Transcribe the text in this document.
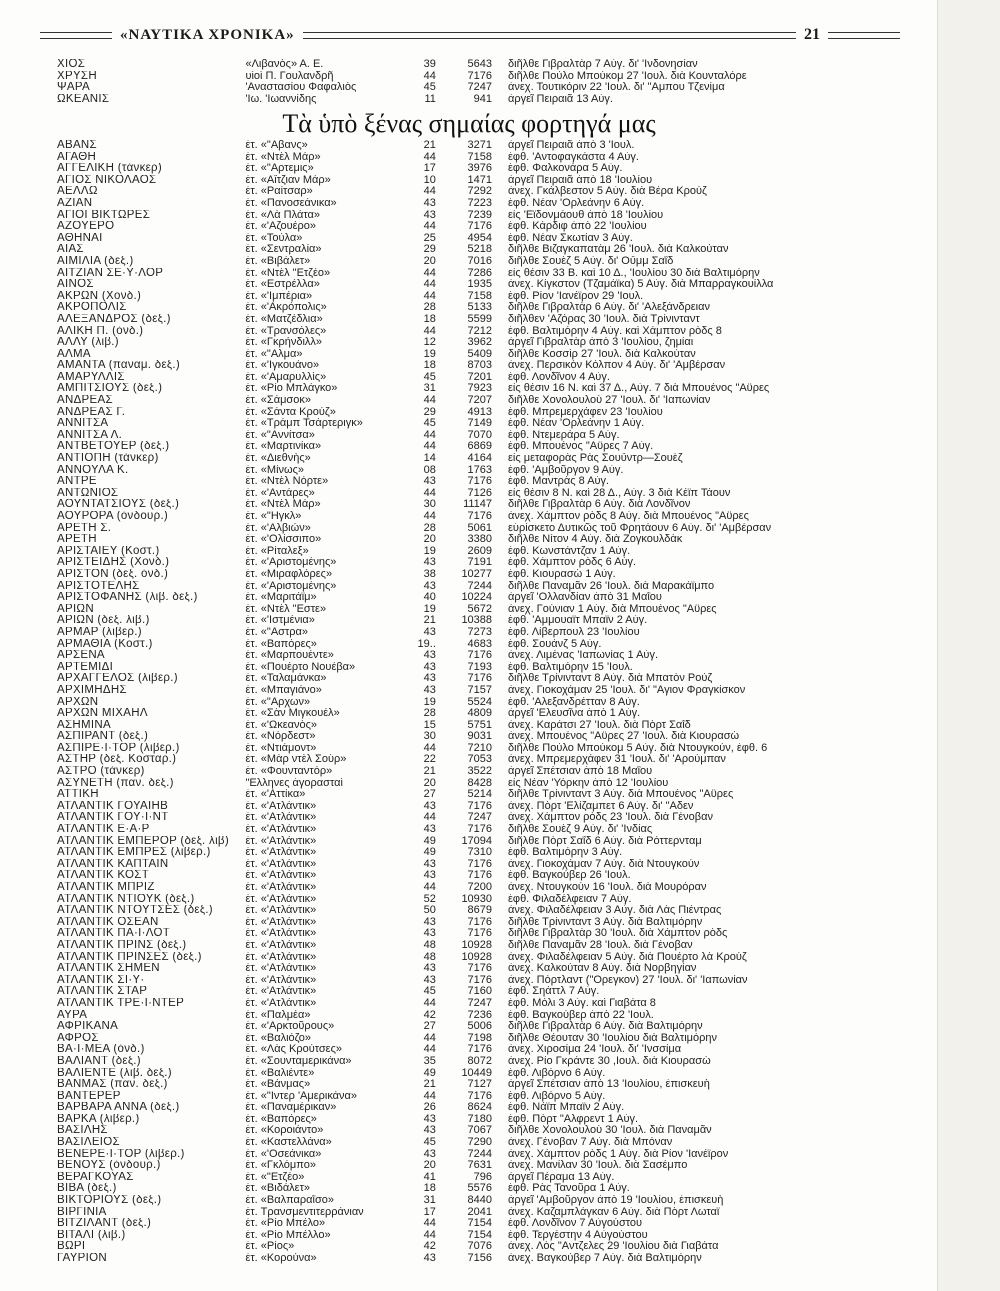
«ΝΑΥΤΙΚΑ ΧΡΟΝΙΚΑ»	21
ΧΙΟΣ	«Λιβανὸς» Α. Ε.	39	5643	διῆλθε Γιβραλτὰρ 7 Αὐγ. δι' 'Ινδονησίαν
ΧΡΥΣΗ	υἱοὶ Π. Γουλανδρῆ	44	7176	διῆλθε Πούλο Μπούκομ 27 'Ιουλ. διὰ Κουνταλόρε
ΨΑΡΑ	'Αναστασίου Φαφαλιὸς	45	7247	ἀνεχ. Τουτικόριν 22 'Ιουλ. δι' "Αμπου Τζενίμα
ΩΚΕΑΝΙΣ	'Ιω. 'Ιωαννίδης	11	941	ἀργεῖ Πειραιᾶ 13 Αὐγ.
Τὰ ὑπὸ ξένας σημαίας φορτηγά μας
ΑΒΑΝΣ	ἑτ. «"Αβανς»	21	3271	ἀργεῖ Πειραιᾶ ἀπὸ 3 'Ιουλ.
ΑΓΑΘΗ	ἑτ. «Ντὲλ Μάρ»	44	7158	ἐφθ. 'Αντοφαγκάστα 4 Αὐγ.
ΑΓΓΕΛΙΚΗ (τάνκερ)	ἑτ. «"Αρτεμις»	17	3976	ἐφθ. Φαλκονάρα 5 Αὐγ.
ΑΓΙΟΣ ΝΙΚΟΛΑΟΣ	ἑτ. «Αἴτζιαν Μάρ»	10	1471	ἀργεῖ Πειραιᾶ ἀπὸ 18 'Ιουλίου
ΑΕΛΛΩ	ἑτ. «Ραίτσαρ»	44	7292	ἀνεχ. Γκάλβεστον 5 Αὐγ. διὰ Βέρα Κρούζ
ΑΖΙΑΝ	ἑτ. «Πανοσεάνικα»	43	7223	ἐφθ. Νέαν 'Ορλεάνην 6 Αὐγ.
ΑΓΙΟΙ ΒΙΚΤΩΡΕΣ	ἑτ. «Λὰ Πλάτα»	43	7239	εἰς 'Εϊδονμάουθ ἀπὸ 18 'Ιουλίου
ΑΖΟΥΕΡΟ	ἑτ. «'Αζουέρο»	44	7176	ἐφθ. Κάρδιφ ἀπὸ 22 'Ιουλίου
ΑΘΗΝΑΙ	ἑτ. «Τούλα»	25	4954	ἐφθ. Νέαν Σκωτίαν 3 Αὐγ.
ΑΙΑΣ	ἑτ. «Σεντραλία»	29	5218	διῆλθε Βιζαγκαπατὰμ 26 'Ιουλ. διὰ Καλκούταν
ΑΙΜΙΛΙΑ (δεξ.)	ἑτ. «Βιβάλετ»	20	7016	διῆλθε Σουὲζ 5 Αὐγ. δι' Οὔμμ Σαΐδ
ΑΙΤΖΙΑΝ ΣΕ·Υ·ΛΟΡ	ἑτ. «Ντὲλ "Ετζέο»	44	7286	εἰς θέσιν 33 Β. καὶ 10 Δ., 'Ιουλίου 30 διὰ Βαλτιμόρην
ΑΙΝΟΣ	ἑτ. «Εστρέλλα»	44	1935	ἀνεχ. Κίγκστον (Τζαμάϊκα) 5 Αὐγ. διὰ Μπαρραγκουίλλα
ΑΚΡΩΝ (Χονδ.)	ἑτ. «'Ιμπέρια»	44	7158	ἐφθ. Ρίον 'Ιανέϊρον 29 'Ιουλ.
ΑΚΡΟΠΟΛΙΣ	ἑτ. «'Ακρόπολις»	28	5133	διῆλθε Γιβραλτὰρ 6 Αὐγ. δι' 'Αλεξάνδρειαν
ΑΛΕΞΑΝΔΡΟΣ (δεξ.)	ἑτ. «Ματζέδλια»	18	5599	διῆλθεν 'Αζόρας 30 'Ιουλ. διὰ Τρίνινταντ
ΑΛΙΚΗ Π. (ὀνδ.)	ἑτ. «Τρανσόλες»	44	7212	ἐφθ. Βαλτιμόρην 4 Αὐγ. καὶ Χάμπτον ρὸδς 8
ΑΛΛΥ (λιβ.)	ἑτ. «Γκρήνδιλλ»	12	3962	ἀργεῖ Γιβραλτὰρ ἀπὸ 3 'Ιουλίου, ζημίαι
ΑΛΜΑ	ἑτ. «"Αλμα»	19	5409	διῆλθε Κοσσὶρ 27 'Ιουλ. διὰ Καλκούταν
ΑΜΑΝΤΑ (παναμ. δεξ.)	ἑτ. «'Ιγκουάνο»	18	8703	ἀνεχ. Περσικὸν Κόλπον 4 Αὐγ. δι' 'Αμβέρσαν
ΑΜΑΡΥΛΛΙΣ	ἑτ. «'Αμαρυλλὶς»	45	7201	ἐφθ. Λονδῖνον 4 Αὐγ.
ΑΜΠΙΤΣΙΟΥΣ (δεξ.)	ἑτ. «Ρίο Μπλάγκο»	31	7923	εἰς θέσιν 16 Ν. καὶ 37 Δ., Αὐγ. 7 διὰ Μπουένος "Αϋρες
ΑΝΔΡΕΑΣ	ἑτ. «Σάμσοκ»	44	7207	διῆλθε Χονολουλοὺ 27 'Ιουλ. δι' 'Ιαπωνίαν
ΑΝΔΡΕΑΣ Γ.	ἑτ. «Σάντα Κρούζ»	29	4913	ἐφθ. Μπρεμερχάφεν 23 'Ιουλίου
ΑΝΝΙΤΣΑ	ἑτ. «Τράμπ Τσάρτεριγκ»	45	7149	ἐφθ. Νέαν 'Ορλεάνην 1 Αὐγ.
ΑΝΝΙΤΣΑ Λ.	ἑτ. «"Αννίτσα»	44	7070	ἐφθ. Ντεμεράρα 5 Αὐγ.
ΑΝΤΒΕΤΟΥΕΡ (δεξ.)	ἑτ. «Μαρτινίκα»	44	6869	ἐφθ. Μπουένος "Αϋρες 7 Αὐγ.
ΑΝΤΙΟΠΗ (τάνκερ)	ἑτ. «Διεθνὴς»	14	4164	εἰς μεταφορὰς Ρὰς Σουὔντρ—Σουὲζ
ΑΝΝΟΥΛΑ Κ.	ἑτ. «Μίνως»	08	1763	ἐφθ. 'Αμβοῦργον 9 Αὐγ.
ΑΝΤΡΕ	ἑτ. «Ντὲλ Νόρτε»	43	7176	ἐφθ. Μαντρὰς 8 Αὐγ.
ΑΝΤΩΝΙΟΣ	ἑτ. «'Αντάρες»	44	7126	εἰς θέσιν 8 Ν. καὶ 28 Δ., Αὐγ. 3 διὰ Κέϊπ Τάουν
ΑΟΥΝΤΑΤΣΙΟΥΣ (δεξ.)	ἑτ. «Ντὲλ Μάρ»	30	11147	διῆλθε Γιβραλτὰρ 6 Αὐγ. διὰ Λονδῖνον
ΑΟΥΡΟΡΑ (ὀνδουρ.)	ἑτ. «"Ηγκλ»	44	7176	ἀνεχ. Χάμπτον ρὸδς 8 Αὐγ. διὰ Μπουένος "Αϋρες
ΑΡΕΤΗ Σ.	ἑτ. «'Αλβιών»	28	5061	εὑρίσκετο Δυτικῶς τοῦ Φρητάουν 6 Αὐγ. δι' 'Αμβέρσαν
ΑΡΕΤΗ	ἑτ. «'Ολίσσιπο»	20	3380	διῆλθε Νίτον 4 Αὐγ. διὰ Ζογκουλδὰκ
ΑΡΙΣΤΑΙΕΥ (Κοστ.)	ἑτ. «Ρίταλεξ»	19	2609	ἐφθ. Κωνστάντζαν 1 Αὐγ.
ΑΡΙΣΤΕΙΔΗΣ (Χονδ.)	ἑτ. «'Αριστομένης»	43	7191	ἐφθ. Χάμπτον ρὸδς 6 Αὐγ.
ΑΡΙΣΤΟΝ (δεξ. ὀνδ.)	ἑτ. «Μιραφλόρες»	38	10277	ἐφθ. Κιουρασὼ 1 Αὐγ.
ΑΡΙΣΤΟΤΕΛΗΣ	ἑτ. «'Αριστομένης»	43	7244	διῆλθε Παναμᾶν 26 'Ιουλ. διὰ Μαρακάϊμπο
ΑΡΙΣΤΟΦΑΝΗΣ (λιβ. δεξ.)	ἑτ. «Μαριτάϊμ»	40	10224	ἀργεῖ 'Ολλανδίαν ἀπὸ 31 Μαΐου
ΑΡΙΩΝ	ἑτ. «Ντὲλ "Εστε»	19	5672	ἀνεχ. Γούνιαν 1 Αὐγ. διὰ Μπουένος "Αϋρες
ΑΡΙΩΝ (δεξ. λιβ.)	ἑτ. «'Ιστμένια»	21	10388	ἐφθ. 'Αμμουαῒτ Μπαϊν 2 Αὐγ.
ΑΡΜΑΡ (λιβερ.)	ἑτ. «"Αστρα»	43	7273	ἐφθ. Λίβερπουλ 23 'Ιουλίου
ΑΡΜΑΘΙΑ (Κοστ.)	ἑτ. «Βαπόρες»	19..	4683	ἐφθ. Σουάνζ 5 Αὐγ.
ΑΡΣΕΝΑ	ἑτ. «Μαρπουέντε»	43	7176	ἀνεχ. Λιμένας 'Ιαπωνίας 1 Αὐγ.
ΑΡΤΕΜΙΔΙ	ἑτ. «Πουέρτο Νουέβα»	43	7193	ἐφθ. Βαλτιμόρην 15 'Ιουλ.
ΑΡΧΑΓΓΕΛΟΣ (λιβερ.)	ἑτ. «Ταλαμάνκα»	43	7176	διῆλθε Τρίνινταντ 8 Αὐγ. διὰ Μπατὸν Ρούζ
ΑΡΧΙΜΗΔΗΣ	ἑτ. «Μπαγιάνο»	43	7157	ἀνεχ. Γιοκοχάμαν 25 'Ιουλ. δι' "Αγιον Φραγκίσκον
ΑΡΧΩΝ	ἑτ. «"Αρχων»	19	5524	ἐφθ. 'Αλεξανδρέτταν 8 Αὐγ.
ΑΡΧΩΝ ΜΙΧΑΗΛ	ἑτ. «Σὰν Μιγκουέλ»	28	4809	ἀργεῖ 'Ελευσῖνα ἀπὸ 1 Αὐγ.
ΑΣΗΜΙΝΑ	ἑτ. «'Ωκεανὸς»	15	5751	ἀνεχ. Καράτσι 27 'Ιουλ. διὰ Πὸρτ Σαΐδ
ΑΣΠΙΡΑΝΤ (δεξ.)	ἑτ. «Νόρδεστ»	30	9031	ἀνεχ. Μπουένος "Αϋρες 27 'Ιουλ. διὰ Κιουρασὼ
ΑΣΠΙΡΕ·Ι·ΤΟΡ (λιβερ.)	ἑτ. «Ντιάμοντ»	44	7210	διῆλθε Πούλο Μπούκομ 5 Αὐγ. διὰ Ντουγκούν, ἐφθ. 6
ΑΣΤΗΡ (δεξ. Κοσταρ.)	ἑτ. «Μὰρ ντὲλ Σοὺρ»	22	7053	ἀνεχ. Μπρεμερχάφεν 31 'Ιουλ. δι' 'Αρούμπαν
ΑΣΤΡΟ (τάνκερ)	ἑτ. «Φουνταντόρ»	21	3522	ἀργεῖ Σπέτσιαν ἀπὸ 18 Μαΐου
ΑΣΥΝΕΤΗ (παν. δεξ.)	"Ελληνες ἀγορασταὶ	20	8428	εἰς Νέαν 'Υόρκην ἀπὸ 12 'Ιουλίου
ΑΤΤΙΚΗ	ἑτ. «'Αττίκα»	27	5214	διῆλθε Τρίνινταντ 3 Αὐγ. διὰ Μπουένος "Αϋρες
ΑΤΛΑΝΤΙΚ ΓΟΥΑΙΗΒ	ἑτ. «'Ατλάντικ»	43	7176	ἀνεχ. Πὸρτ 'Ελίζαμπετ 6 Αὐγ. δι' "Αδεν
ΑΤΛΑΝΤΙΚ ΓΟΥ·Ι·ΝΤ	ἑτ. «'Ατλάντικ»	44	7247	ἀνεχ. Χάμπτον ρὸδς 23 'Ιουλ. διὰ Γένοβαν
ΑΤΛΑΝΤΙΚ Ε·Α·Ρ	ἑτ. «'Ατλάντικ»	43	7176	διῆλθε Σουὲζ 9 Αὐγ. δι' 'Ινδίας
ΑΤΛΑΝΤΙΚ ΕΜΠΕΡΟΡ (δεξ. λιβ)	ἑτ. «'Ατλάντικ»	49	17094	διῆλθε Πὸρτ Σαΐδ 6 Αὐγ. διὰ Ρόττερνταμ
ΑΤΛΑΝΤΙΚ ΕΜΠΡΕΣ (λιβερ.)	ἑτ. «'Ατλάντικ»	49	7310	ἐφθ. Βαλτιμόρην 3 Αὐγ.
ΑΤΛΑΝΤΙΚ ΚΑΠΤΑΙΝ	ἑτ. «'Ατλάντικ»	43	7176	ἀνεχ. Γιοκοχάμαν 7 Αὐγ. διὰ Ντουγκούν
ΑΤΛΑΝΤΙΚ ΚΟΣΤ	ἑτ. «'Ατλάντικ»	43	7176	ἐφθ. Βαγκούβερ 26 'Ιουλ.
ΑΤΛΑΝΤΙΚ ΜΠΡΙΖ	ἑτ. «'Ατλάντικ»	44	7200	ἀνεχ. Ντουγκούν 16 'Ιουλ. διὰ Μουρόραν
ΑΤΛΑΝΤΙΚ ΝΤΙΟΥΚ (δεξ.)	ἑτ. «'Ατλάντικ»	52	10930	ἐφθ. Φιλαδέλφειαν 7 Αὐγ.
ΑΤΛΑΝΤΙΚ ΝΤΟΥΤΣΕΣ (δεξ.)	ἑτ. «'Ατλάντικ»	50	8679	ἀνεχ. Φιλαδέλφειαν 3 Αὐγ. διὰ Λὰς Πιέντρας
ΑΤΛΑΝΤΙΚ ΟΣΕΑΝ	ἑτ. «'Ατλάντικ»	43	7176	διῆλθε Τρίνινταντ 3 Αὐγ. διὰ Βαλτιμόρην
ΑΤΛΑΝΤΙΚ ΠΑ·Ι·ΛΟΤ	ἑτ. «'Ατλάντικ»	43	7176	διῆλθε Γιβραλτὰρ 30 'Ιουλ. διὰ Χάμπτον ρὸδς
ΑΤΛΑΝΤΙΚ ΠΡΙΝΣ (δεξ.)	ἑτ. «'Ατλάντικ»	48	10928	διῆλθε Παναμᾶν 28 'Ιουλ. διὰ Γένοβαν
ΑΤΛΑΝΤΙΚ ΠΡΙΝΣΕΣ (δεξ.)	ἑτ. «'Ατλάντικ»	48	10928	ἀνεχ. Φιλαδέλφειαν 5 Αὐγ. διὰ Πουέρτο λὰ Κρούζ
ΑΤΛΑΝΤΙΚ ΣΗΜΕΝ	ἑτ. «'Ατλάντικ»	43	7176	ἀνεχ. Καλκούταν 8 Αὐγ. διὰ Νορβηγίαν
ΑΤΛΑΝΤΙΚ ΣΙ·Υ·	ἑτ. «'Ατλάντικ»	43	7176	ἀνεχ. Πόρτλαντ ("Ορεγκον) 27 'Ιουλ. δι' 'Ιαπωνίαν
ΑΤΛΑΝΤΙΚ ΣΤΑΡ	ἑτ. «'Ατλάντικ»	45	7160	ἐφθ. Σηάττλ 7 Αὐγ.
ΑΤΛΑΝΤΙΚ ΤΡΕ·Ι·ΝΤΕΡ	ἑτ. «'Ατλάντικ»	44	7247	ἐφθ. Μόλι 3 Αὐγ. καὶ Γιαβάτα 8
ΑΥΡΑ	ἑτ. «Παλμέα»	42	7236	ἐφθ. Βαγκούβερ ἀπὸ 22 'Ιουλ.
ΑΦΡΙΚΑΝΑ	ἑτ. «'Αρκτοῦρους»	27	5006	διῆλθε Γιβραλτὰρ 6 Αὐγ. διὰ Βαλτιμόρην
ΑΦΡΟΣ	ἑτ. «Βαλιόζο»	44	7198	διῆλθε Θέουταν 30 'Ιουλίου διὰ Βαλτιμόρην
ΒΑ·Ι·ΜΕΑ (ὀνδ.)	ἑτ. «Λὰς Κρούτσες»	44	7176	ἀνεχ. Χιροσίμα 24 'Ιουλ. δι' 'Ινσσίμα
ΒΑΛΙΑΝΤ (δεξ.)	ἑτ. «Σουνταμερικάνα»	35	8072	ἀνεχ. Ρίο Γκράντε 30 ,Ιουλ. διὰ Κιουρασὼ
ΒΑΛΙΕΝΤΕ (λιβ. δεξ.)	ἑτ. «Βαλιέντε»	49	10449	ἐφθ. Λιβόρνο 6 Αὐγ.
ΒΑΝΜΑΣ (παν. δεξ.)	ἑτ. «Βάνμας»	21	7127	ἀργεῖ Σπέτσιαν ἀπὸ 13 'Ιουλίου, ἐπισκευὴ
ΒΑΝΤΕΡΕΡ	ἑτ. «"Ιντερ 'Αμερικάνα»	44	7176	ἐφθ. Λιβόρνο 5 Αὐγ.
ΒΑΡΒΑΡΑ ΑΝΝΑ (δεξ.)	ἑτ. «Παναμέρικαν»	26	8624	ἐφθ. Νάϊπ Μπαϊν 2 Αὐγ.
ΒΑΡΚΑ (λιβερ.)	ἑτ. «Βαπόρες»	43	7180	ἐφθ. Πὸρτ "Αλφρεντ 1 Αὐγ.
ΒΑΣΙΛΗΣ	ἑτ. «Κοροιάντο»	43	7067	διῆλθε Χονολουλοὺ 30 'Ιουλ. διὰ Παναμᾶν
ΒΑΣΙΛΕΙΟΣ	ἑτ. «Καστελλάνα»	45	7290	ἀνεχ. Γένοβαν 7 Αὐγ. διὰ Μπόναν
ΒΕΝΕΡΕ·Ι·ΤΟΡ (λιβερ.)	ἑτ. «'Οσεάνικα»	43	7244	ἀνεχ. Χάμπτον ρὸδς 1 Αὐγ. διὰ Ρίον 'Ιανέϊρον
ΒΕΝΟΥΣ (ὀνδουρ.)	ἑτ. «Γκλόμπο»	20	7631	ἀνεχ. Μανίλαν 30 'Ιουλ. διὰ Σασέμπο
ΒΕΡΑΓΚΟΥΑΣ	ἑτ. «"Ετζέο»	41	796	ἀργεῖ Πέραμα 13 Αὐγ.
ΒΙΒΑ (δεξ.)	ἑτ. «Βιδάλετ»	18	5576	ἐφθ. Ρὰς Τανοῦρα 1 Αὐγ.
ΒΙΚΤΟΡΙΟΥΣ (δεξ.)	ἑτ. «Βαλπαραΐσο»	31	8440	ἀργεῖ 'Αμβοῦργον ἀπὸ 19 'Ιουλίου, ἐπισκευὴ
ΒΙΡΓΙΝΙΑ	ἑτ. Τρανσμεντιτερράνιαν	17	2041	ἀνεχ. Καζαμπλάγκαν 6 Αὐγ. διὰ Πὸρτ Λωταϊ
ΒΙΤΖΙΛΑΝΤ (δεξ.)	ἑτ. «Ρίο Μπέλο»	44	7154	ἐφθ. Λονδῖνον 7 Αὐγούστου
ΒΙΤΑΛΙ (λιβ.)	ἑτ. «Ρίο Μπέλλο»	44	7154	ἐφθ. Τεργέστην 4 Αὐγούστου
ΒΩΡΙ	ἑτ. «Ρίος»	42	7076	ἀνεχ. Λὸς "Αντζελες 29 'Ιουλίου διὰ Γιαβάτα
ΓΑΥΡΙΟΝ	ἑτ. «Κορούνα»	43	7156	ἀνεχ. Βαγκούβερ 7 Αὐγ. διὰ Βαλτιμόρην
